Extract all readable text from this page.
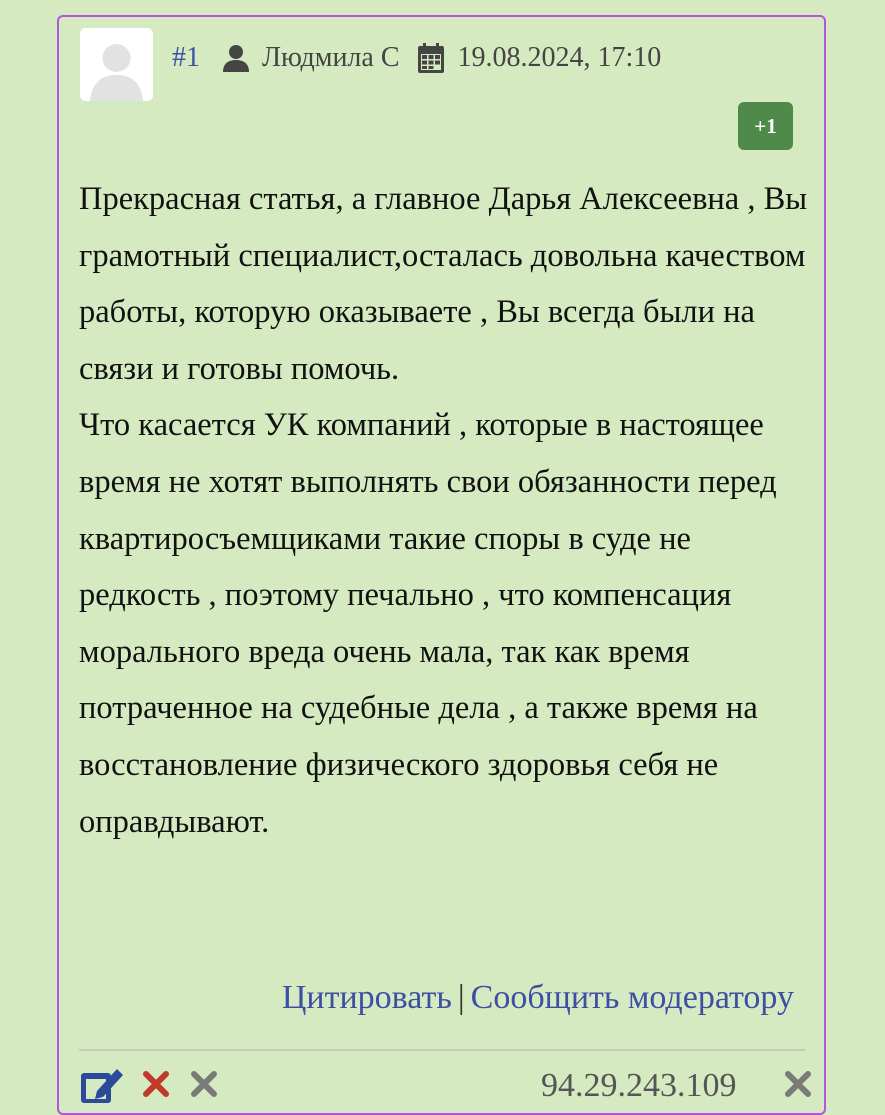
#1 Людмила С 19.08.2024, 17:10
+1

Прекрасная статья, а главное Дарья Алексеевна , Вы грамотный специалист,осталась довольна качеством работы, которую оказываете , Вы всегда были на связи и готовы помочь.

Что касается УК компаний , которые в настоящее время не хотят выполнять свои обязанности перед квартиросъемщиками такие споры в суде не редкость , поэтому печально , что компенсация морального вреда очень мала, так как время потраченное на судебные дела , а также время на восстановление физического здоровья себя не оправдывают.

Цитировать | Сообщить модератору
94.29.243.109
